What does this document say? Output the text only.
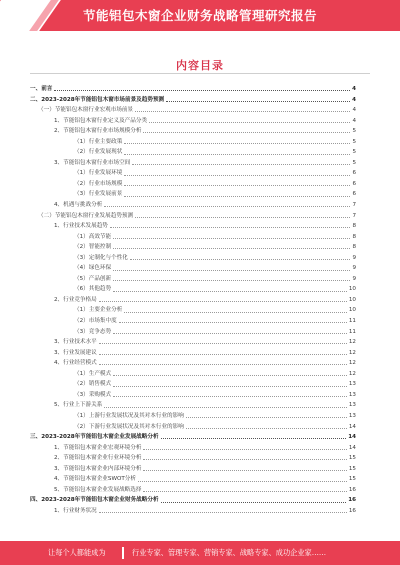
节能铝包木窗企业财务战略管理研究报告
内容目录
一、前言	4
二、2023-2028年节能铝包木窗市场前景及趋势预测	4
（一）节能铝包木窗行业宏观市场前景	4
1、节能铝包木窗行业定义及产品分类	4
2、节能铝包木窗行业市场规模分析	5
（1）行业主要政策	5
（2）行业发展现状	5
3、节能铝包木窗行业市场空间	5
（1）行业发展环境	6
（2）行业市场规模	6
（3）行业发展前景	6
4、机遇与挑战分析	7
（二）节能铝包木窗行业发展趋势预测	7
1、行业技术发展趋势	8
（1）高效节能	8
（2）智能控制	8
（3）定制化与个性化	9
（4）绿色环保	9
（5）产品创新	9
（6）其他趋势	10
2、行业竞争格局	10
（1）主要企业分析	10
（2）市场集中度	11
（3）竞争态势	11
3、行业技术水平	12
3、行业发展建议	12
4、行业经营模式	12
（1）生产模式	12
（2）销售模式	13
（3）采购模式	13
5、行业上下游关系	13
（1）上游行业发展状况及其对本行业的影响	13
（2）下游行业发展状况及其对本行业的影响	14
三、2023-2028年节能铝包木窗企业发展战略分析	14
1、节能铝包木窗企业宏观环境分析	14
2、节能铝包木窗企业行业环境分析	15
3、节能铝包木窗企业内部环境分析	15
4、节能铝包木窗企业SWOT分析	15
5、节能铝包木窗企业发展战略选择	16
四、2023-2028年节能铝包木窗企业财务战略分析	16
1、行业财务状况	16
让每个人都能成为	行业专家、管理专家、营销专家、战略专家、成功企业家……
